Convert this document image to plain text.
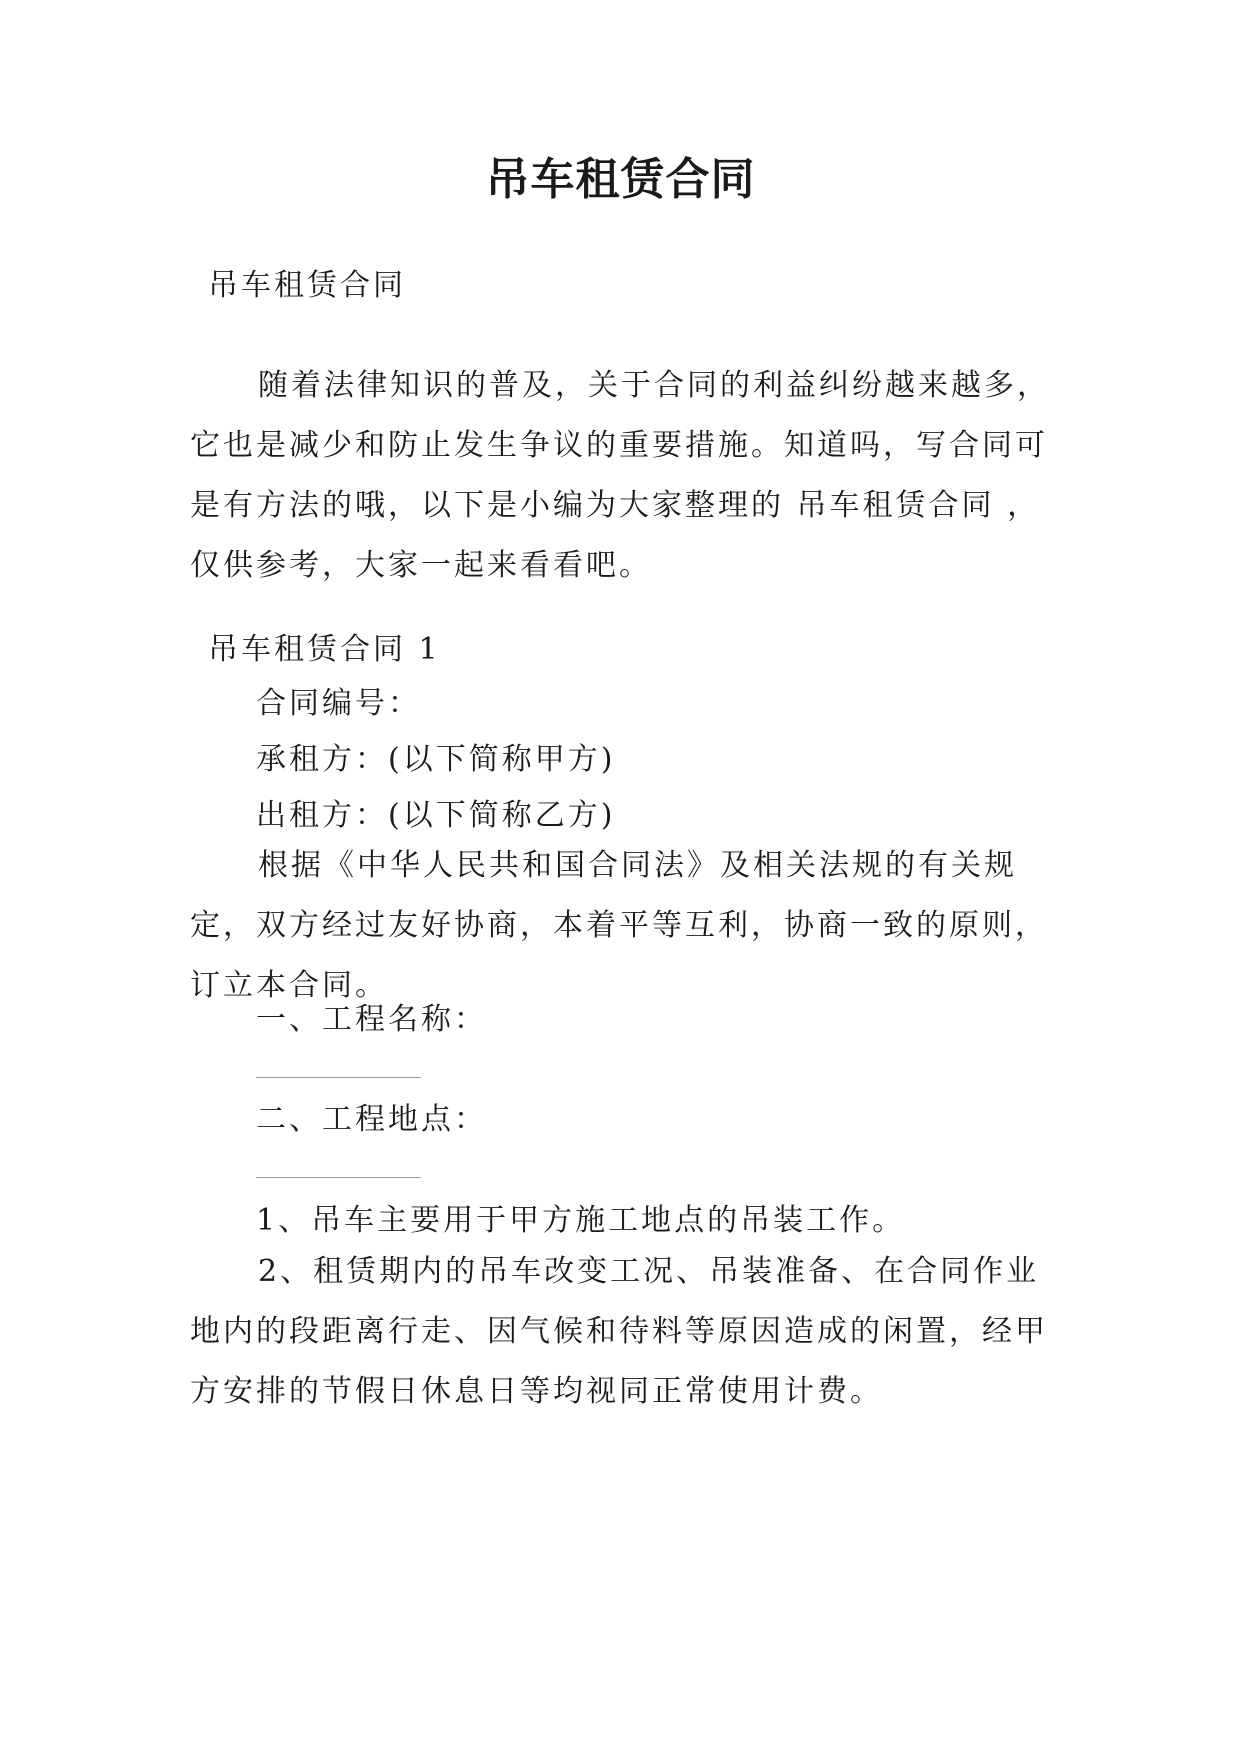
吊车租赁合同
吊车租赁合同
随着法律知识的普及，关于合同的利益纠纷越来越多，它也是减少和防止发生争议的重要措施。知道吗，写合同可是有方法的哦，以下是小编为大家整理的 吊车租赁合同 ，仅供参考，大家一起来看看吧。
吊车租赁合同 1
合同编号：
承租方：(以下简称甲方)
出租方：(以下简称乙方)
根据《中华人民共和国合同法》及相关法规的有关规定，双方经过友好协商，本着平等互利，协商一致的原则，订立本合同。
一、工程名称：
二、工程地点：
1、吊车主要用于甲方施工地点的吊装工作。
2、租赁期内的吊车改变工况、吊装准备、在合同作业地内的段距离行走、因气候和待料等原因造成的闲置，经甲方安排的节假日休息日等均视同正常使用计费。
